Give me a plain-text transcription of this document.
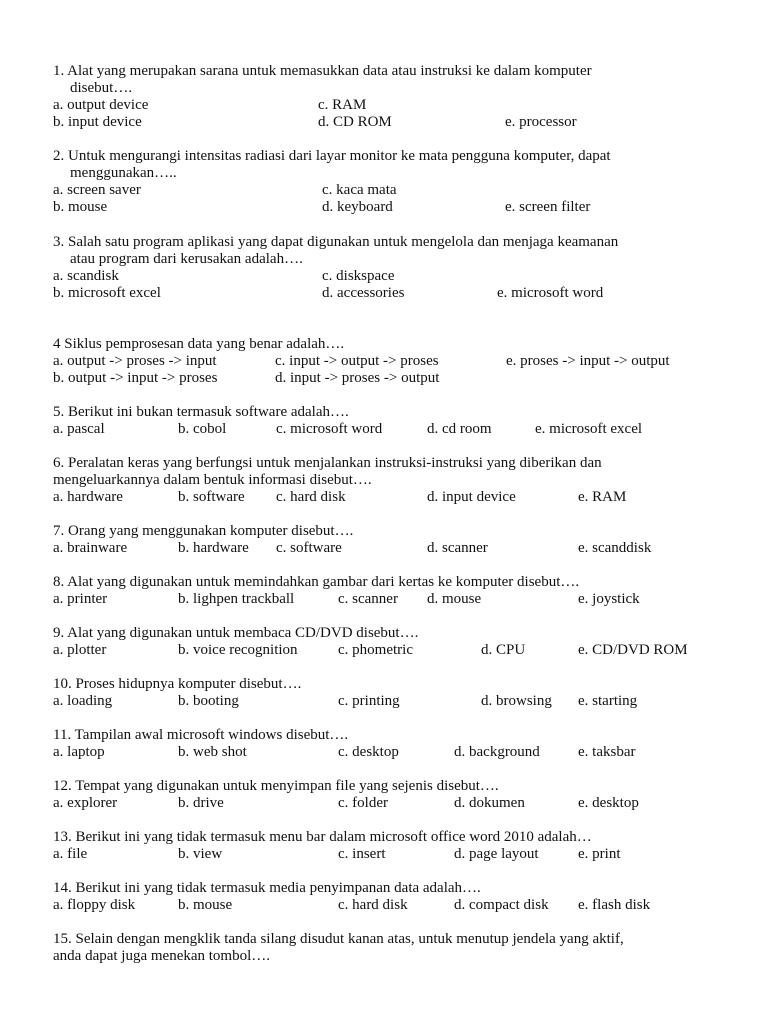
1. Alat yang merupakan sarana untuk memasukkan data atau instruksi ke dalam komputer
disebut….
a. output device	c. RAM
b. input device	d. CD ROM	e. processor
2. Untuk mengurangi intensitas radiasi dari layar monitor ke mata pengguna komputer, dapat
menggunakan…..
a. screen saver	c. kaca mata
b. mouse	d. keyboard	e. screen filter
3. Salah satu program aplikasi yang dapat digunakan untuk mengelola dan menjaga keamanan
atau program dari kerusakan adalah….
a. scandisk	c. diskspace
b. microsoft excel	d. accessories	e. microsoft word
4 Siklus pemprosesan data yang benar adalah….
a. output -> proses -> input	c. input -> output -> proses	e. proses -> input -> output
b. output -> input -> proses	d. input -> proses -> output
5. Berikut ini bukan termasuk software adalah….
a. pascal	b. cobol	c. microsoft word	d. cd room	e. microsoft excel
6. Peralatan keras yang berfungsi untuk menjalankan instruksi-instruksi yang diberikan dan
mengeluarkannya dalam bentuk informasi disebut….
a. hardware	b. software c. hard disk	d. input device	e. RAM
7. Orang yang menggunakan komputer disebut….
a. brainware	b. hardware c. software	d. scanner	e. scanddisk
8. Alat yang digunakan untuk memindahkan gambar dari kertas ke komputer disebut….
a. printer	b. lighpen trackball	c. scanner d. mouse	e. joystick
9. Alat yang digunakan untuk membaca CD/DVD disebut….
a. plotter	b. voice recognition	c. phometric	d. CPU	e. CD/DVD ROM
10. Proses hidupnya komputer disebut….
a. loading	b. booting	c. printing	d. browsing e. starting
11. Tampilan awal microsoft windows disebut….
a. laptop	b. web shot	c. desktop	d. background	e. taksbar
12. Tempat yang digunakan untuk menyimpan file yang sejenis disebut….
a. explorer	b. drive	c. folder	d. dokumen	e. desktop
13. Berikut ini yang tidak termasuk menu bar dalam microsoft office word 2010 adalah…
a. file	b. view	c. insert	d. page layout	e. print
14. Berikut ini yang tidak termasuk media penyimpanan data adalah….
a. floppy disk	b. mouse	c. hard disk	d. compact disk e. flash disk
15. Selain dengan mengklik tanda silang disudut kanan atas, untuk menutup jendela yang aktif,
anda dapat juga menekan tombol….
